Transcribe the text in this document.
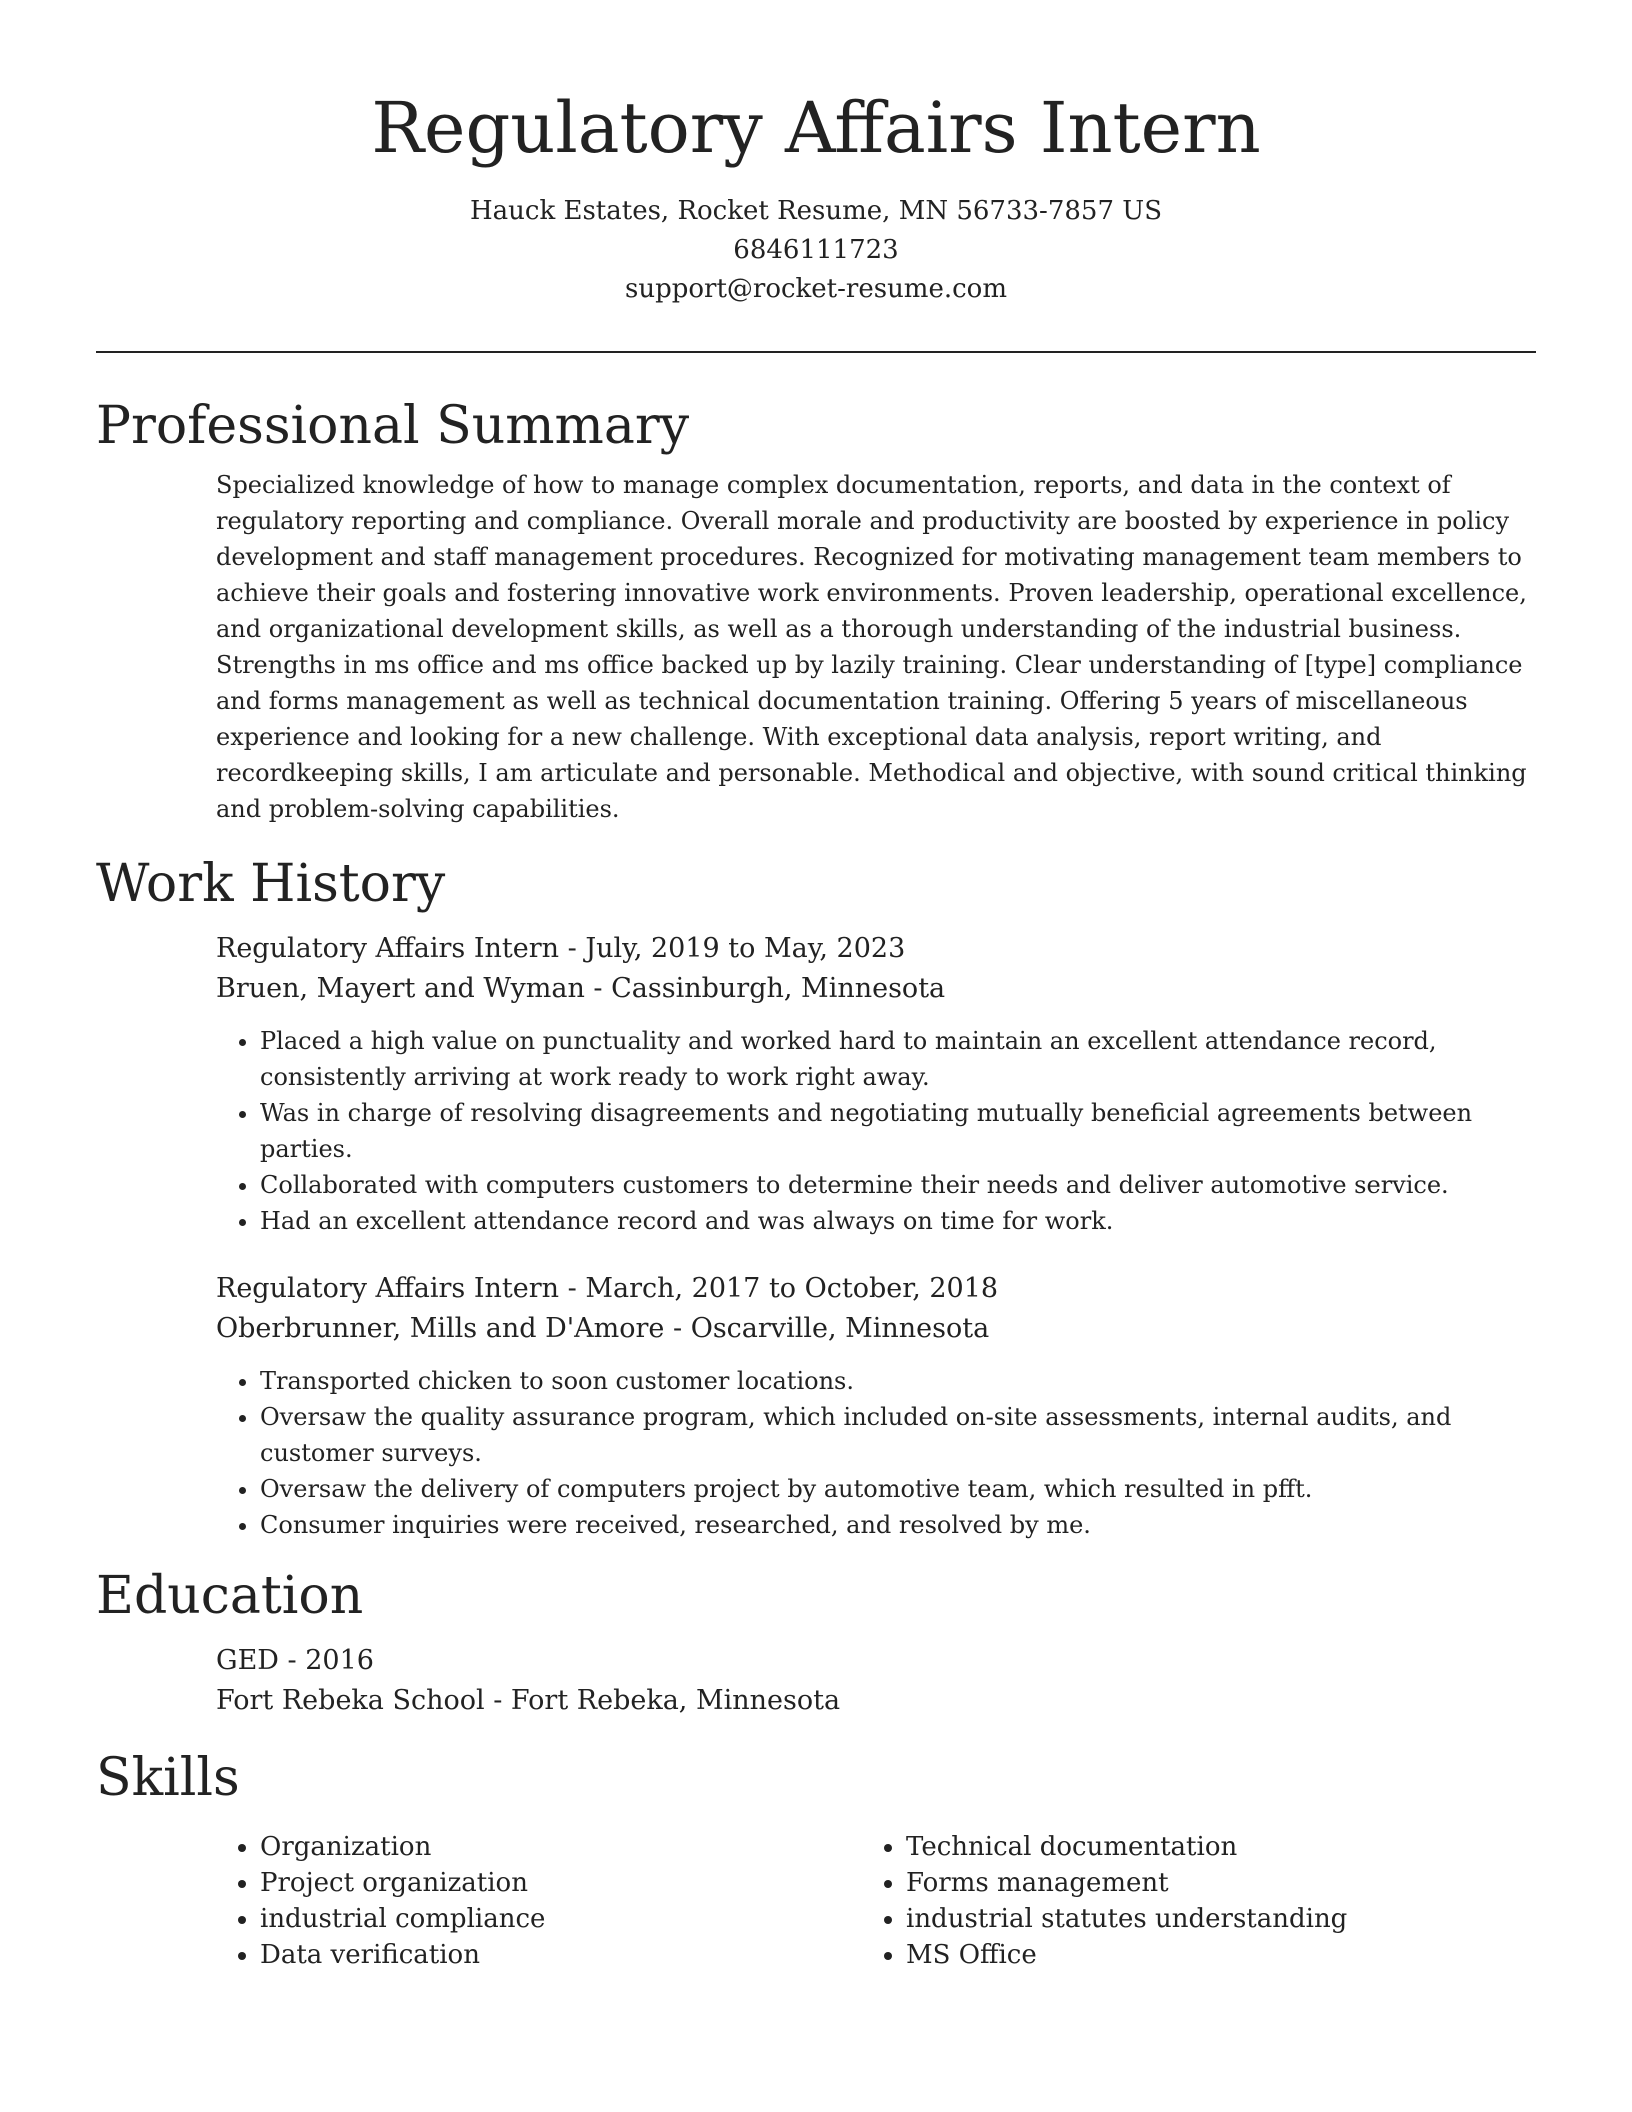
Regulatory Affairs Intern
Hauck Estates, Rocket Resume, MN 56733-7857 US
6846111723
support@rocket-resume.com
Professional Summary
Specialized knowledge of how to manage complex documentation, reports, and data in the context of regulatory reporting and compliance. Overall morale and productivity are boosted by experience in policy development and staff management procedures. Recognized for motivating management team members to achieve their goals and fostering innovative work environments. Proven leadership, operational excellence, and organizational development skills, as well as a thorough understanding of the industrial business. Strengths in ms office and ms office backed up by lazily training. Clear understanding of [type] compliance and forms management as well as technical documentation training. Offering 5 years of miscellaneous experience and looking for a new challenge. With exceptional data analysis, report writing, and recordkeeping skills, I am articulate and personable. Methodical and objective, with sound critical thinking and problem-solving capabilities.
Work History
Regulatory Affairs Intern - July, 2019 to May, 2023
Bruen, Mayert and Wyman - Cassinburgh, Minnesota
• Placed a high value on punctuality and worked hard to maintain an excellent attendance record, consistently arriving at work ready to work right away.
• Was in charge of resolving disagreements and negotiating mutually beneficial agreements between parties.
• Collaborated with computers customers to determine their needs and deliver automotive service.
• Had an excellent attendance record and was always on time for work.
Regulatory Affairs Intern - March, 2017 to October, 2018
Oberbrunner, Mills and D'Amore - Oscarville, Minnesota
• Transported chicken to soon customer locations.
• Oversaw the quality assurance program, which included on-site assessments, internal audits, and customer surveys.
• Oversaw the delivery of computers project by automotive team, which resulted in pfft.
• Consumer inquiries were received, researched, and resolved by me.
Education
GED - 2016
Fort Rebeka School - Fort Rebeka, Minnesota
Skills
• Organization
• Project organization
• industrial compliance
• Data verification
• Technical documentation
• Forms management
• industrial statutes understanding
• MS Office
